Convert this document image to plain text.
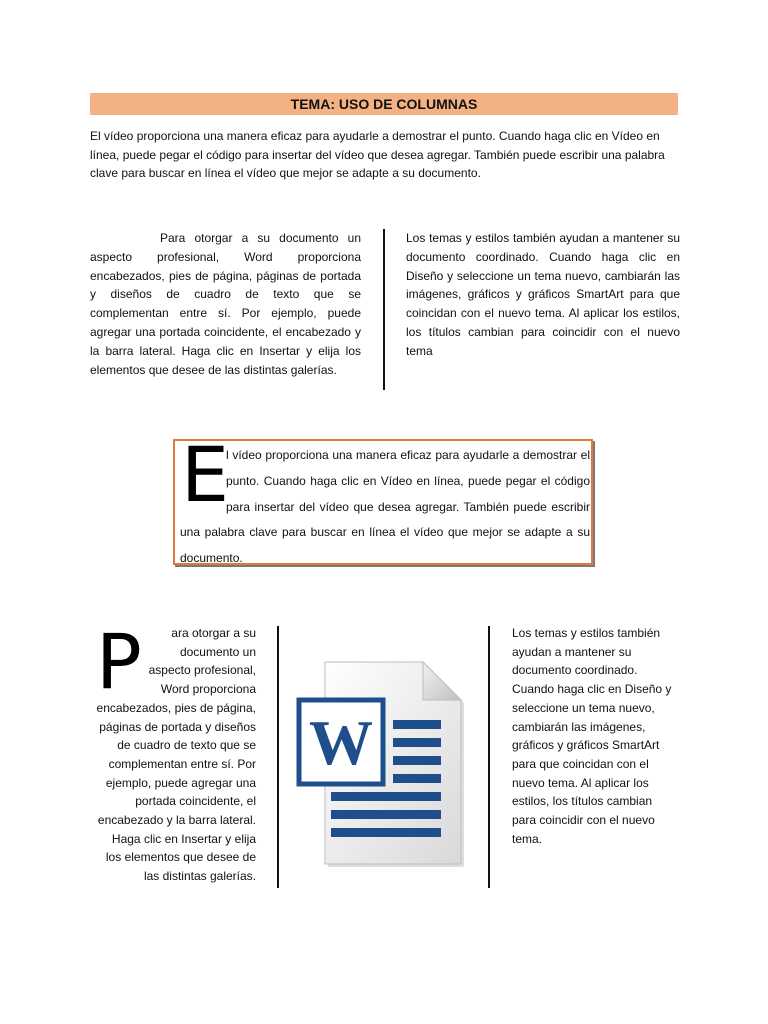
TEMA: USO DE COLUMNAS

El vídeo proporciona una manera eficaz para ayudarle a demostrar el punto. Cuando haga clic en Vídeo en línea, puede pegar el código para insertar del vídeo que desea agregar. También puede escribir una palabra clave para buscar en línea el vídeo que mejor se adapte a su documento.

Para otorgar a su documento un aspecto profesional, Word proporciona encabezados, pies de página, páginas de portada y diseños de cuadro de texto que se complementan entre sí. Por ejemplo, puede agregar una portada coincidente, el encabezado y la barra lateral. Haga clic en Insertar y elija los elementos que desee de las distintas galerías.

Los temas y estilos también ayudan a mantener su documento coordinado. Cuando haga clic en Diseño y seleccione un tema nuevo, cambiarán las imágenes, gráficos y gráficos SmartArt para que coincidan con el nuevo tema. Al aplicar los estilos, los títulos cambian para coincidir con el nuevo tema

l vídeo proporciona una manera eficaz para ayudarle a demostrar el punto. Cuando haga clic en Vídeo en línea, puede pegar el código para insertar del vídeo que desea agregar. También puede escribir una palabra clave para buscar en línea el vídeo que mejor se adapte a su documento.

E
ara otorgar a su
documento un
aspecto profesional,
Word proporciona
encabezados, pies de página,
páginas de portada y diseños
de cuadro de texto que se
complementan entre sí. Por
ejemplo, puede agregar una
portada coincidente, el
encabezado y la barra lateral.
Haga clic en Insertar y elija
los elementos que desee de
las distintas galerías.
P
W
Los temas y estilos también
ayudan a mantener su
documento coordinado.
Cuando haga clic en Diseño y
seleccione un tema nuevo,
cambiarán las imágenes,
gráficos y gráficos SmartArt
para que coincidan con el
nuevo tema. Al aplicar los
estilos, los títulos cambian
para coincidir con el nuevo
tema.
